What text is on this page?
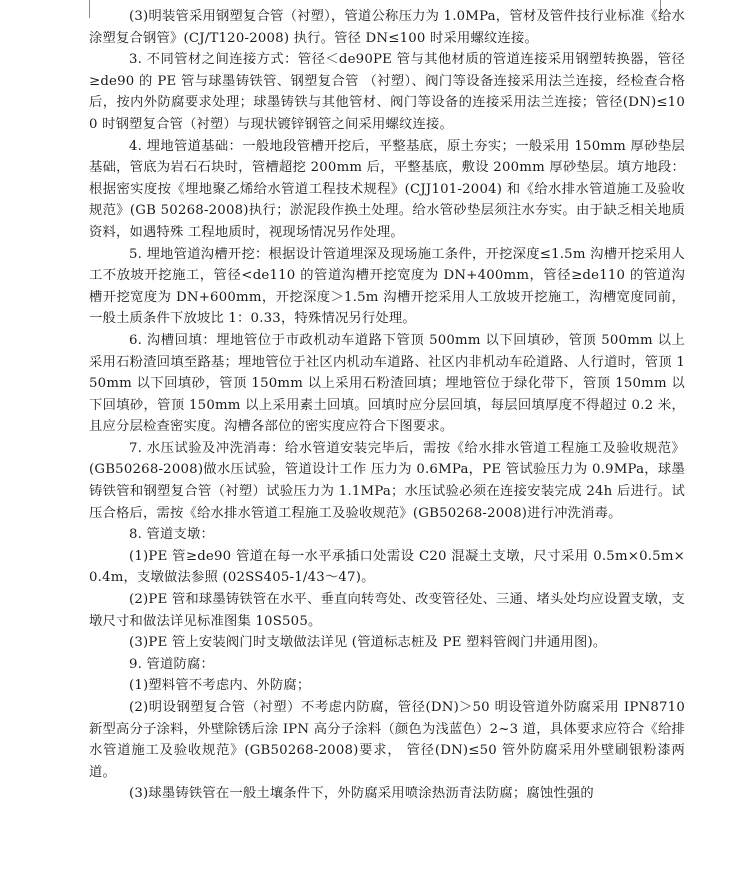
(3)明装管采用钢塑复合管（衬塑），管道公称压力为 1.0MPa，管材及管件技行业标准《给水涂塑复合钢管》(CJ/T120-2008) 执行。管径 DN≤100 时采用螺纹连接。

3. 不同管材之间连接方式：管径＜de90PE 管与其他材质的管道连接采用钢塑转换器，管径≥de90 的 PE 管与球墨铸铁管、钢塑复合管 （衬塑）、阀门等设备连接采用法兰连接，经检查合格后，按内外防腐要求处理；球墨铸铁与其他管材、阀门等设备的连接采用法兰连接；管径(DN)≤100 时钢塑复合管（衬塑）与现状镀锌钢管之间采用螺纹连接。

4. 埋地管道基础：一般地段管槽开挖后，平整基底，原土夯实；一般采用 150mm 厚砂垫层基础，管底为岩石石块时，管槽超挖 200mm 后，平整基底，敷设 200mm 厚砂垫层。填方地段：根据密实度按《埋地聚乙烯给水管道工程技术规程》(CJJ101-2004) 和《给水排水管道施工及验收规范》(GB 50268-2008)执行；淤泥段作换土处理。给水管砂垫层须注水夯实。由于缺乏相关地质资料，如遇特殊 工程地质时，视现场情况另作处理。

5. 埋地管道沟槽开挖：根据设计管道埋深及现场施工条件，开挖深度≤1.5m 沟槽开挖采用人工不放坡开挖施工，管径<de110 的管道沟槽开挖宽度为 DN+400mm，管径≥de110 的管道沟槽开挖宽度为 DN+600mm，开挖深度＞1.5m 沟槽开挖采用人工放坡开挖施工，沟槽宽度同前，一般土质条件下放坡比 1：0.33，特殊情况另行处理。

6. 沟槽回填：埋地管位于市政机动车道路下管顶 500mm 以下回填砂，管顶 500mm 以上采用石粉渣回填至路基；埋地管位于社区内机动车道路、社区内非机动车砼道路、人行道时，管顶 150mm 以下回填砂，管顶 150mm 以上采用石粉渣回填；埋地管位于绿化带下，管顶 150mm 以下回填砂，管顶 150mm 以上采用素土回填。回填时应分层回填，每层回填厚度不得超过 0.2 米，且应分层检查密实度。沟槽各部位的密实度应符合下图要求。

7. 水压试验及冲洗消毒：给水管道安装完毕后，需按《给水排水管道工程施工及验收规范》(GB50268-2008)做水压试验，管道设计工作 压力为 0.6MPa，PE 管试验压力为 0.9MPa，球墨铸铁管和钢塑复合管（衬塑）试验压力为 1.1MPa；水压试验必须在连接安装完成 24h 后进行。试压合格后，需按《给水排水管道工程施工及验收规范》(GB50268-2008)进行冲洗消毒。

8. 管道支墩：

(1)PE 管≥de90 管道在每一水平承插口处需设 C20 混凝土支墩，尺寸采用 0.5m×0.5m×0.4m，支墩做法参照 (02SS405-1/43～47)。

(2)PE 管和球墨铸铁管在水平、垂直向转弯处、改变管径处、三通、堵头处均应设置支墩，支墩尺寸和做法详见标准图集 10S505。

(3)PE 管上安装阀门时支墩做法详见 (管道标志桩及 PE 塑料管阀门井通用图)。

9. 管道防腐：

(1)塑料管不考虑内、外防腐；

(2)明设钢塑复合管（衬塑）不考虑内防腐，管径(DN)＞50 明设管道外防腐采用 IPN8710 新型高分子涂料，外壁除锈后涂 IPN 高分子涂料（颜色为浅蓝色）2~3 道，具体要求应符合《给排水管道施工及验收规范》(GB50268-2008)要求， 管径(DN)≤50 管外防腐采用外壁刷银粉漆两道。

(3)球墨铸铁管在一般土壤条件下，外防腐采用喷涂热沥青法防腐；腐蚀性强的
